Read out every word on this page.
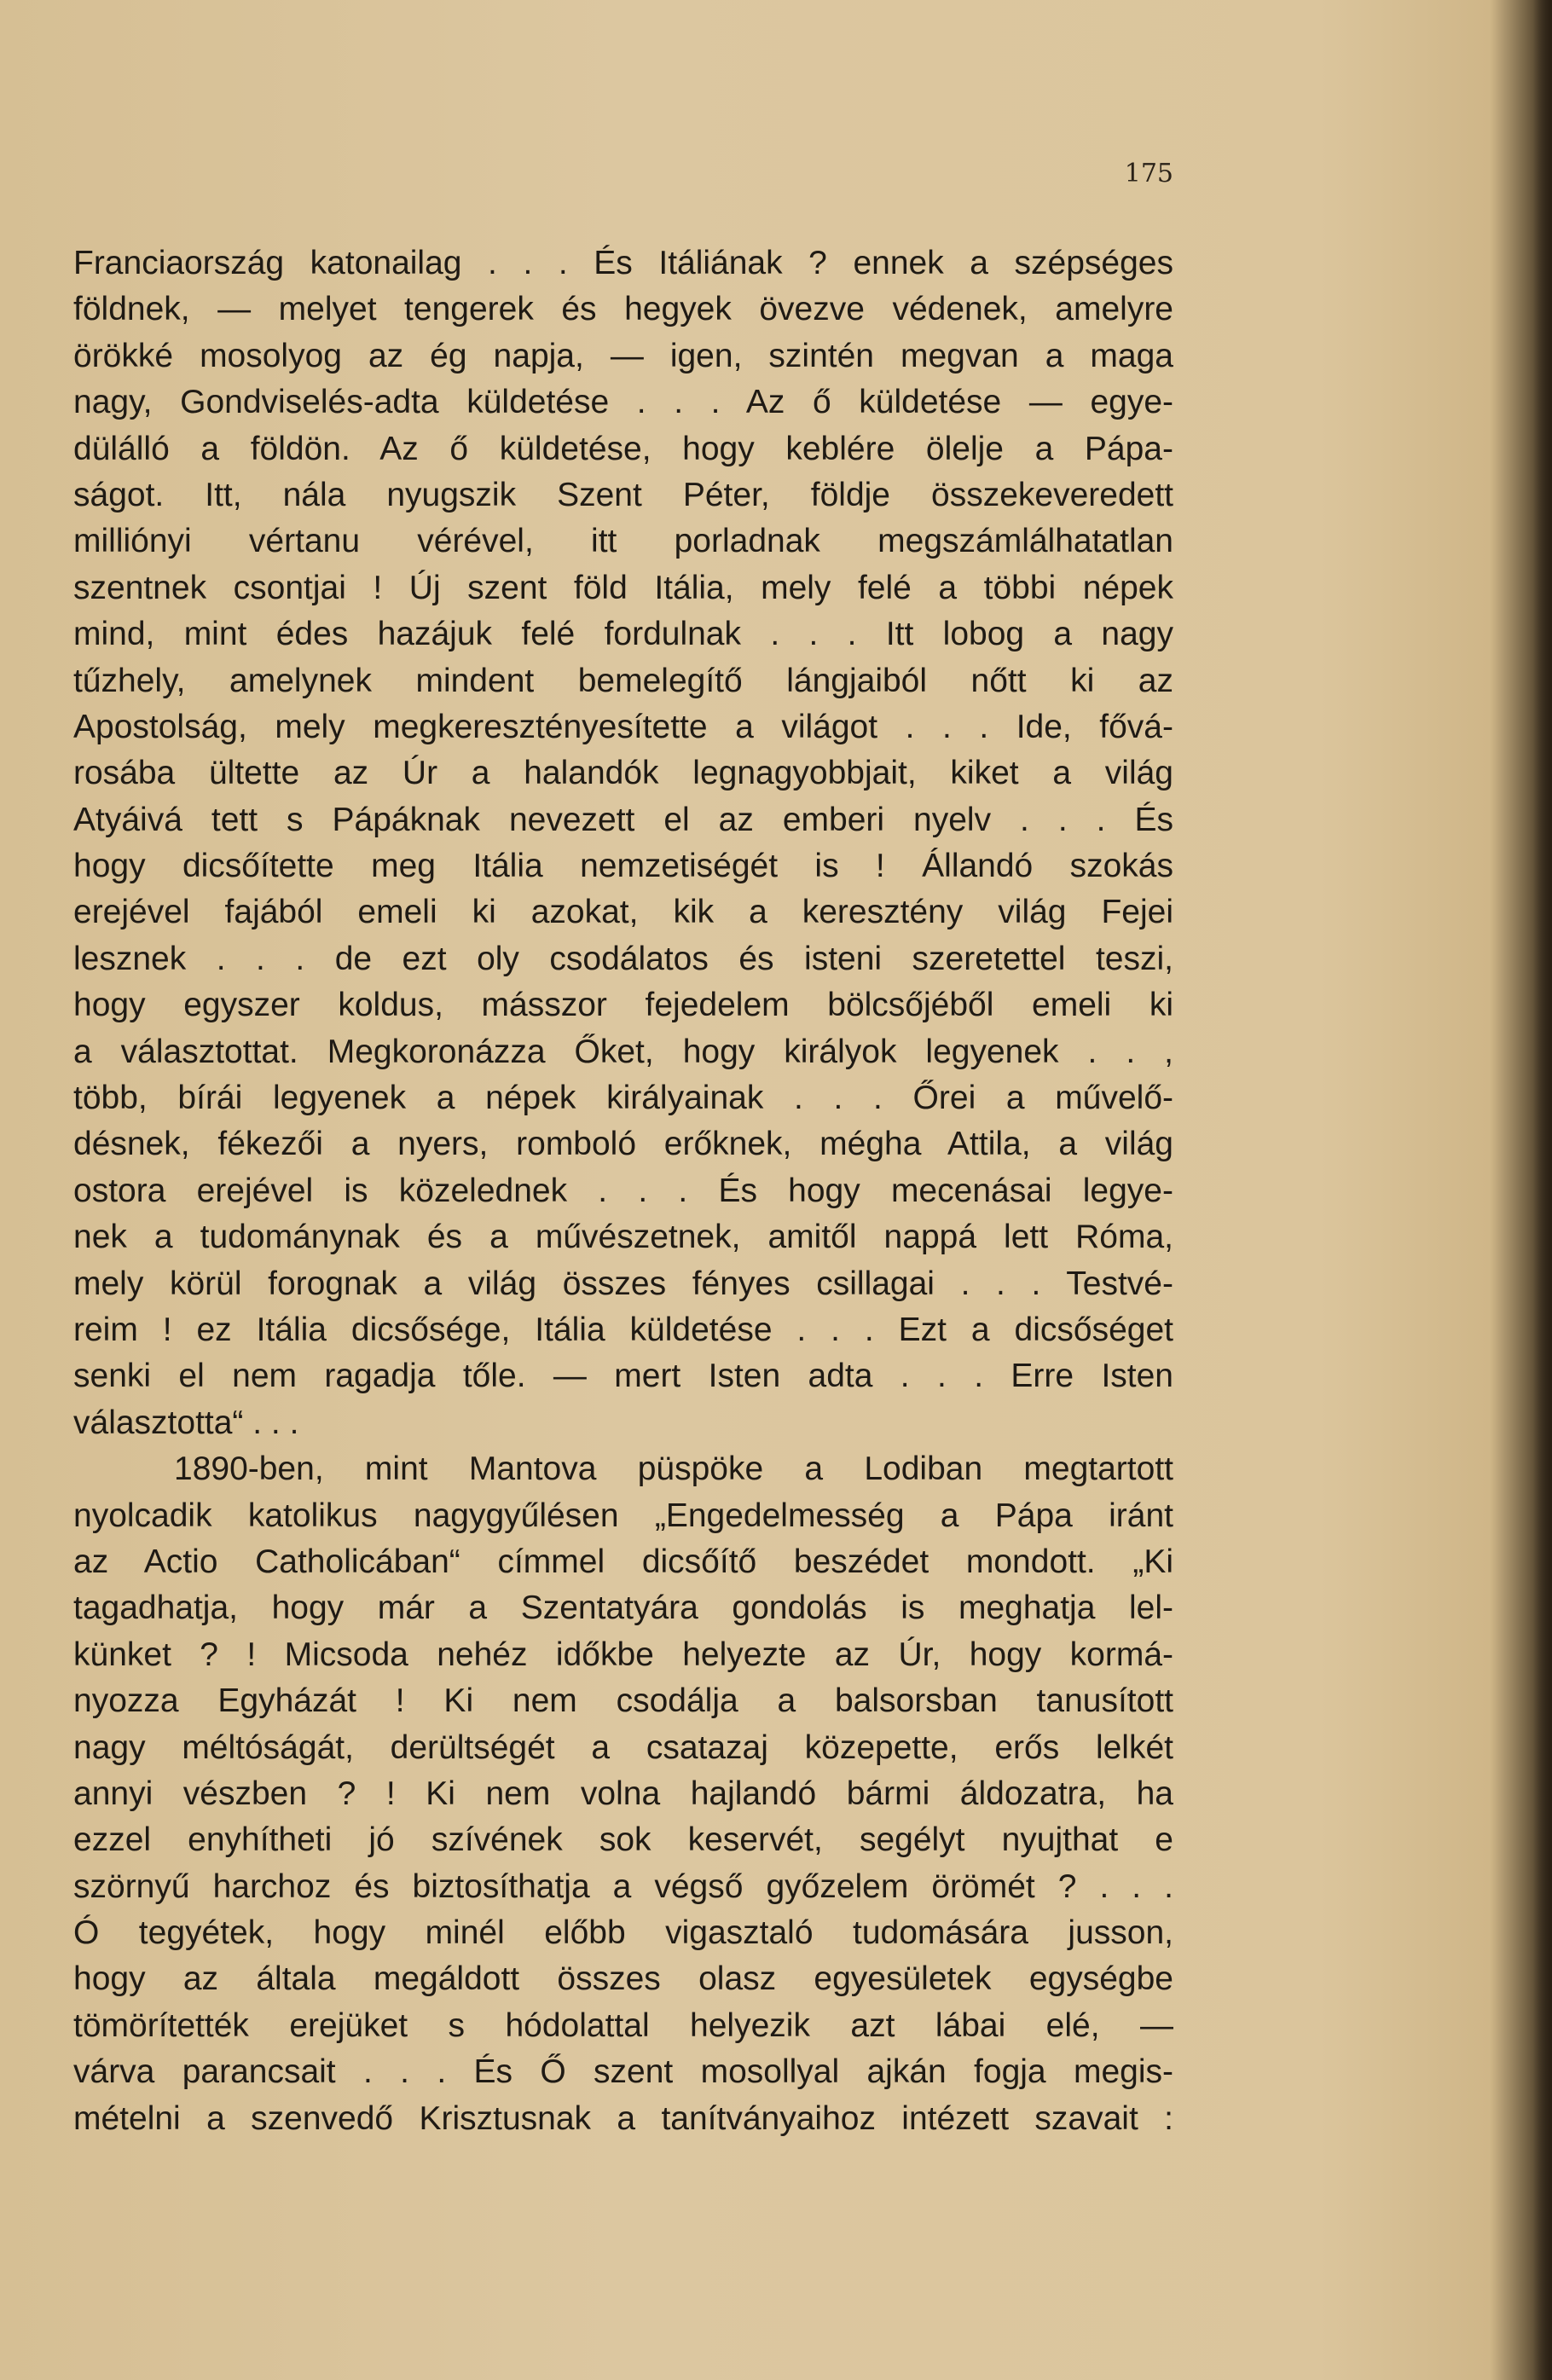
175
Franciaország katonailag . . . És Itáliának ? ennek a szépséges
földnek, — melyet tengerek és hegyek övezve védenek, amelyre
örökké mosolyog az ég napja, — igen, szintén megvan a maga
nagy, Gondviselés-adta küldetése . . . Az ő küldetése — egye-
dülálló a földön. Az ő küldetése, hogy keblére ölelje a Pápa-
ságot. Itt, nála nyugszik Szent Péter, földje összekeveredett
milliónyi vértanu vérével, itt porladnak megszámlálhatatlan
szentnek csontjai ! Új szent föld Itália, mely felé a többi népek
mind, mint édes hazájuk felé fordulnak . . . Itt lobog a nagy
tűzhely, amelynek mindent bemelegítő lángjaiból nőtt ki az
Apostolság, mely megkeresztényesítette a világot . . . Ide, fővá-
rosába ültette az Úr a halandók legnagyobbjait, kiket a világ
Atyáivá tett s Pápáknak nevezett el az emberi nyelv . . . És
hogy dicsőítette meg Itália nemzetiségét is ! Állandó szokás
erejével fajából emeli ki azokat, kik a keresztény világ Fejei
lesznek . . . de ezt oly csodálatos és isteni szeretettel teszi,
hogy egyszer koldus, másszor fejedelem bölcsőjéből emeli ki
a választottat. Megkoronázza Őket, hogy királyok legyenek . . ,
több, bírái legyenek a népek királyainak . . . Őrei a művelő-
désnek, fékezői a nyers, romboló erőknek, mégha Attila, a világ
ostora erejével is közelednek . . . És hogy mecenásai legye-
nek a tudománynak és a művészetnek, amitől nappá lett Róma,
mely körül forognak a világ összes fényes csillagai . . . Testvé-
reim ! ez Itália dicsősége, Itália küldetése . . . Ezt a dicsőséget
senki el nem ragadja tőle. — mert Isten adta . . . Erre Isten
választotta“ . . .
1890-ben, mint Mantova püspöke a Lodiban megtartott
nyolcadik katolikus nagygyűlésen „Engedelmesség a Pápa iránt
az Actio Catholicában“ címmel dicsőítő beszédet mondott. „Ki
tagadhatja, hogy már a Szentatyára gondolás is meghatja lel-
künket ? ! Micsoda nehéz időkbe helyezte az Úr, hogy kormá-
nyozza Egyházát ! Ki nem csodálja a balsorsban tanusított
nagy méltóságát, derültségét a csatazaj közepette, erős lelkét
annyi vészben ? ! Ki nem volna hajlandó bármi áldozatra, ha
ezzel enyhítheti jó szívének sok keservét, segélyt nyujthat e
szörnyű harchoz és biztosíthatja a végső győzelem örömét ? . . .
Ó tegyétek, hogy minél előbb vigasztaló tudomására jusson,
hogy az általa megáldott összes olasz egyesületek egységbe
tömörítették erejüket s hódolattal helyezik azt lábai elé, —
várva parancsait . . . És Ő szent mosollyal ajkán fogja megis-
mételni a szenvedő Krisztusnak a tanítványaihoz intézett szavait :
